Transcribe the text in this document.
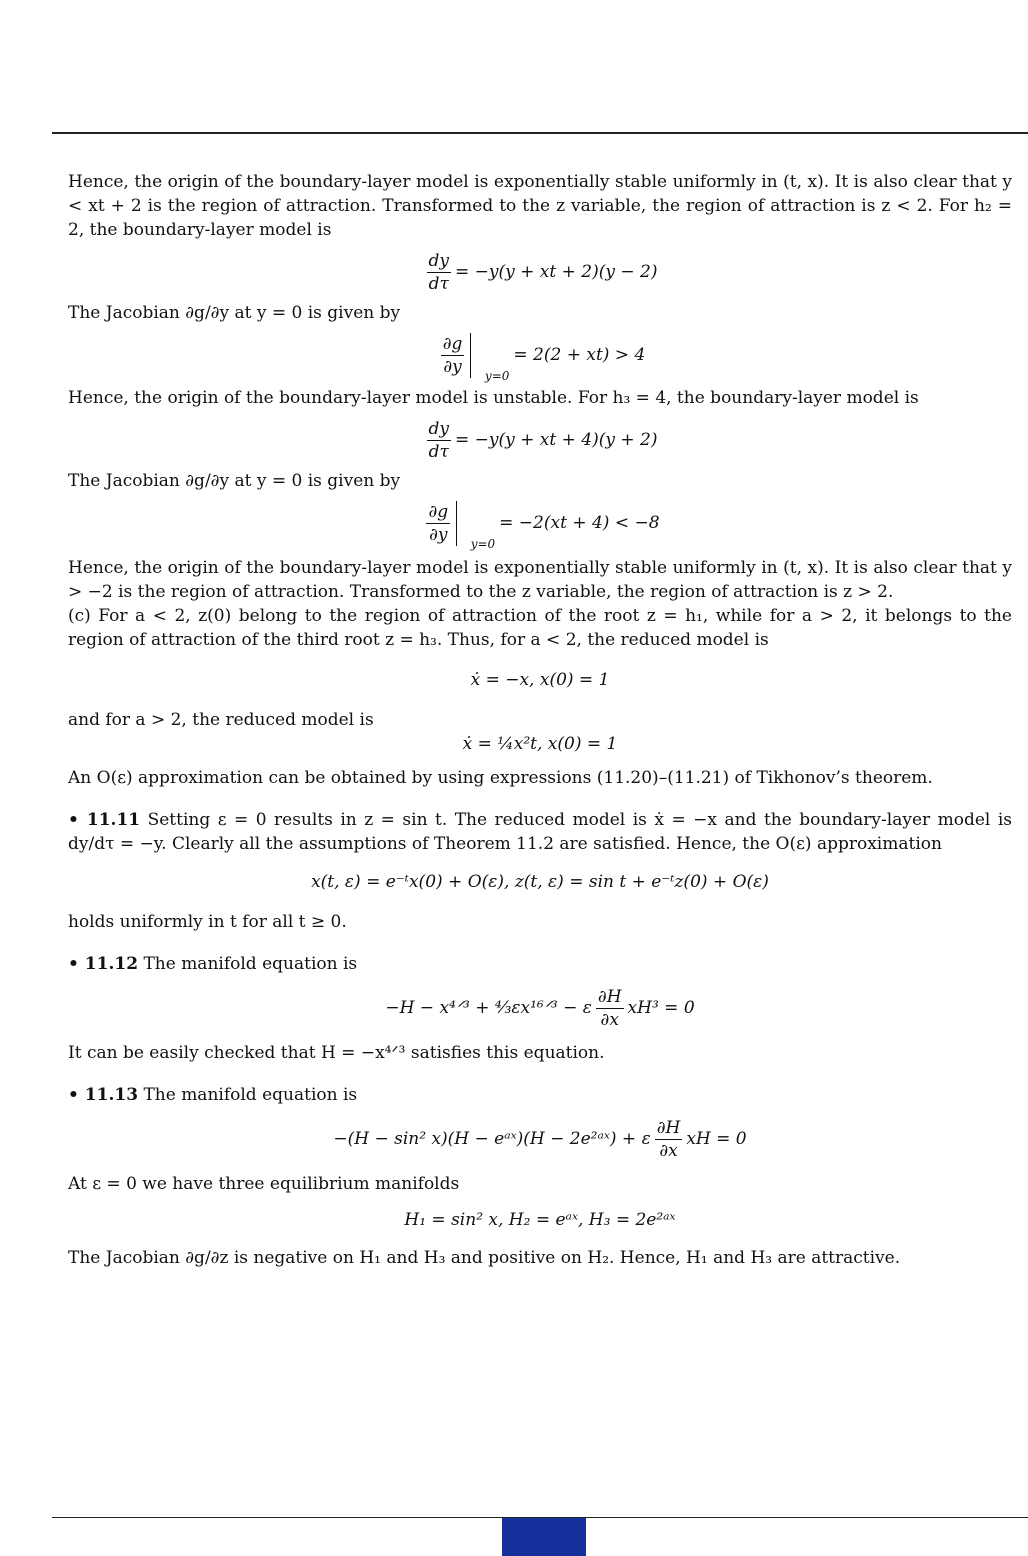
Hence, the origin of the boundary-layer model is exponentially stable uniformly in (t, x). It is also clear that y < xt + 2 is the region of attraction. Transformed to the z variable, the region of attraction is z < 2. For h₂ = 2, the boundary-layer model is

$\frac{dy}{d\tau} = -y(y$ + xt + 2)(y − 2)

The Jacobian ∂g/∂y at y = 0 is given by

$\frac{\partial g}{\partial y} y=0$
= 2(2 + xt) > 4

Hence, the origin of the boundary-layer model is unstable. For h₃ = 4, the boundary-layer model is

$\frac{dy}{d\tau} = -y(y$ + xt + 4)(y + 2)

The Jacobian ∂g/∂y at y = 0 is given by

$\frac{\partial g}{\partial y} y=0$
= −2(xt + 4) < −8

Hence, the origin of the boundary-layer model is exponentially stable uniformly in (t, x). It is also clear that y > −2 is the region of attraction. Transformed to the z variable, the region of attraction is z > 2.

(c) For a < 2, z(0) belong to the region of attraction of the root z = h₁, while for a > 2, it belongs to the region of attraction of the third root z = h₃. Thus, for a < 2, the reduced model is

ẋ = −x, x(0) = 1

and for a > 2, the reduced model is

ẋ = ¼x²t, x(0) = 1

An O(ε) approximation can be obtained by using expressions (11.20)–(11.21) of Tikhonov’s theorem.

• 11.11 Setting ε = 0 results in z = sin t. The reduced model is ẋ = −x and the boundary-layer model is dy/dτ = −y. Clearly all the assumptions of Theorem 11.2 are satisfied. Hence, the O(ε) approximation

x(t, ε) = e⁻ᵗx(0) + O(ε), z(t, ε) = sin t + e⁻ᵗz(0) + O(ε)

holds uniformly in t for all t ≥ 0.

• 11.12 The manifold equation is

−H − x⁴ᐟ³ + ⁴⁄₃εx¹⁶ᐟ³ − ε $\frac{\partial H}{\partial x} xH^3 = 0$

It can be easily checked that H = −x⁴ᐟ³ satisfies this equation.

• 11.13 The manifold equation is

−(H − sin² x)(H − eᵃˣ)(H − 2e²ᵃˣ) + ε $\frac{\partial H}{\partial x}$ xH = 0

At ε = 0 we have three equilibrium manifolds

H₁ = sin² x, H₂ = eᵃˣ, H₃ = 2e²ᵃˣ

The Jacobian ∂g/∂z is negative on H₁ and H₃ and positive on H₂. Hence, H₁ and H₃ are attractive.
